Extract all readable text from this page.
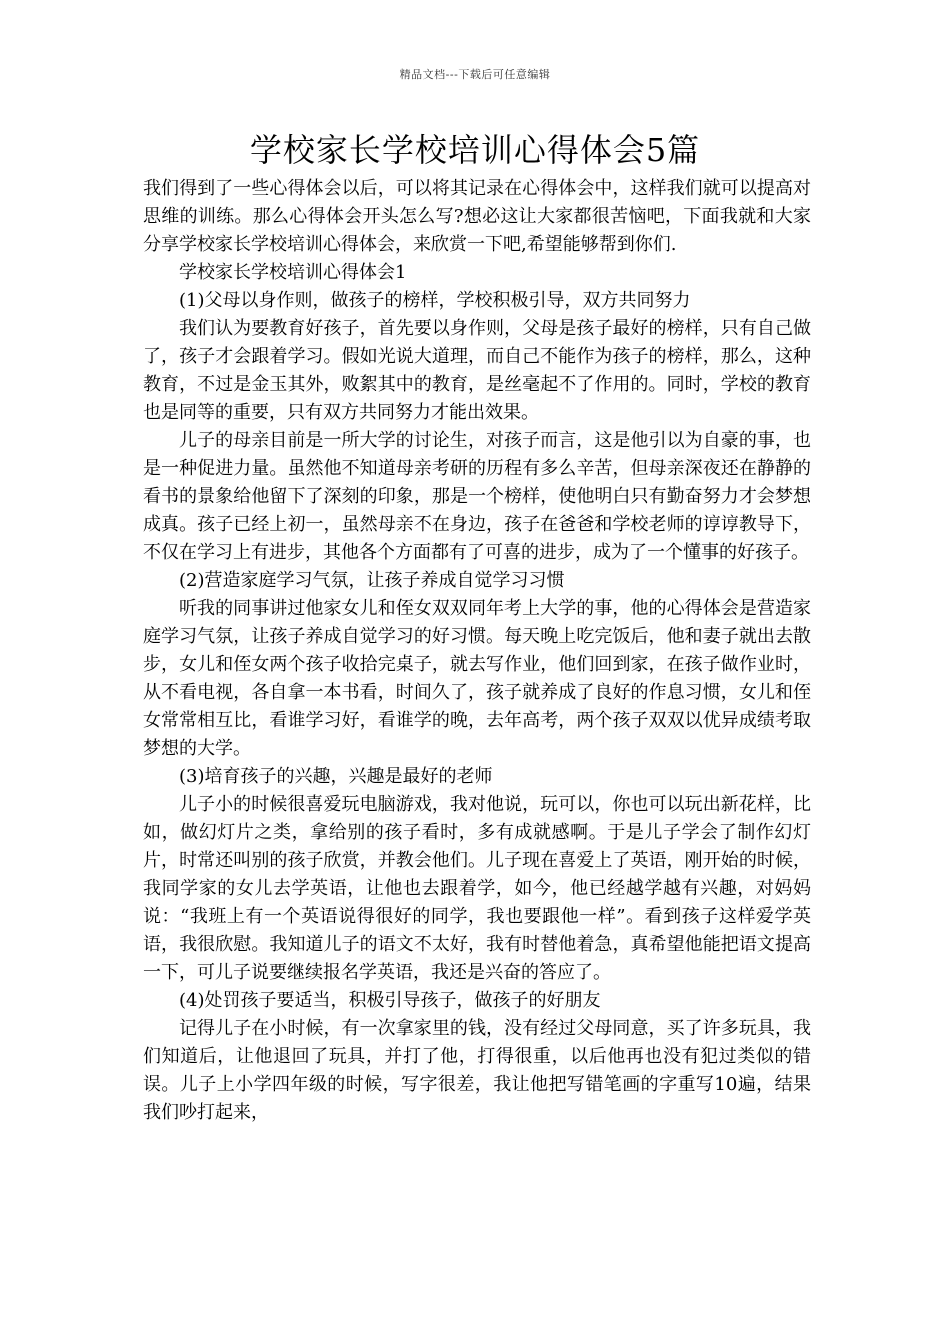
精品文档---下载后可任意编辑
学校家长学校培训心得体会5篇

我们得到了一些心得体会以后，可以将其记录在心得体会中，这样我们就可以提高对思维的训练。那么心得体会开头怎么写?想必这让大家都很苦恼吧，下面我就和大家分享学校家长学校培训心得体会，来欣赏一下吧,希望能够帮到你们.

学校家长学校培训心得体会1

(1)父母以身作则，做孩子的榜样，学校积极引导，双方共同努力

我们认为要教育好孩子，首先要以身作则，父母是孩子最好的榜样，只有自己做了，孩子才会跟着学习。假如光说大道理，而自己不能作为孩子的榜样，那么，这种教育，不过是金玉其外，败絮其中的教育，是丝毫起不了作用的。同时，学校的教育也是同等的重要，只有双方共同努力才能出效果。

儿子的母亲目前是一所大学的讨论生，对孩子而言，这是他引以为自豪的事，也是一种促进力量。虽然他不知道母亲考研的历程有多么辛苦，但母亲深夜还在静静的看书的景象给他留下了深刻的印象，那是一个榜样，使他明白只有勤奋努力才会梦想成真。孩子已经上初一，虽然母亲不在身边，孩子在爸爸和学校老师的谆谆教导下，不仅在学习上有进步，其他各个方面都有了可喜的进步，成为了一个懂事的好孩子。

(2)营造家庭学习气氛，让孩子养成自觉学习习惯

听我的同事讲过他家女儿和侄女双双同年考上大学的事，他的心得体会是营造家庭学习气氛，让孩子养成自觉学习的好习惯。每天晚上吃完饭后，他和妻子就出去散步，女儿和侄女两个孩子收拾完桌子，就去写作业，他们回到家，在孩子做作业时，从不看电视，各自拿一本书看，时间久了，孩子就养成了良好的作息习惯，女儿和侄女常常相互比，看谁学习好，看谁学的晚，去年高考，两个孩子双双以优异成绩考取梦想的大学。

(3)培育孩子的兴趣，兴趣是最好的老师

儿子小的时候很喜爱玩电脑游戏，我对他说，玩可以，你也可以玩出新花样，比如，做幻灯片之类，拿给别的孩子看时，多有成就感啊。于是儿子学会了制作幻灯片，时常还叫别的孩子欣赏，并教会他们。儿子现在喜爱上了英语，刚开始的时候，我同学家的女儿去学英语，让他也去跟着学，如今，他已经越学越有兴趣，对妈妈说：“我班上有一个英语说得很好的同学，我也要跟他一样”。看到孩子这样爱学英语，我很欣慰。我知道儿子的语文不太好，我有时替他着急，真希望他能把语文提高一下，可儿子说要继续报名学英语，我还是兴奋的答应了。

(4)处罚孩子要适当，积极引导孩子，做孩子的好朋友

记得儿子在小时候，有一次拿家里的钱，没有经过父母同意，买了许多玩具，我们知道后，让他退回了玩具，并打了他，打得很重，以后他再也没有犯过类似的错误。儿子上小学四年级的时候，写字很差，我让他把写错笔画的字重写10遍，结果我们吵打起来，
